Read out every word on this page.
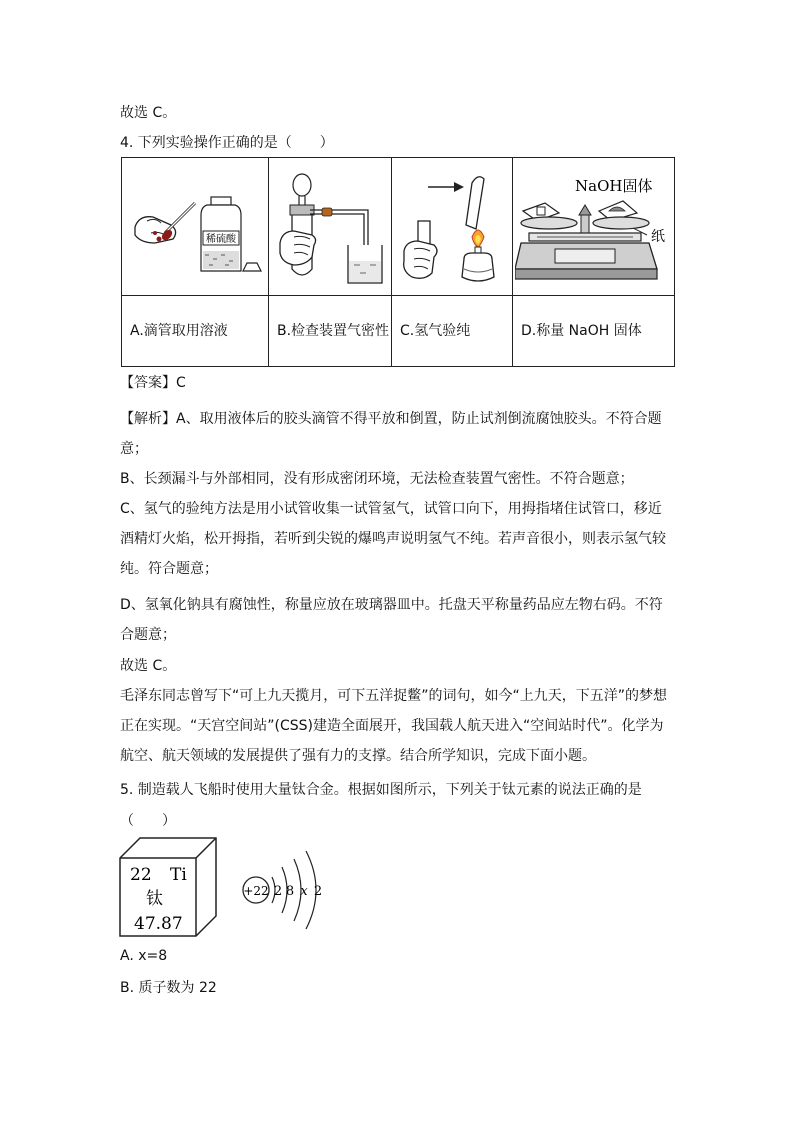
故选 C。
4. 下列实验操作正确的是（　　）
稀硫酸			NaOH固体
纸

A.滴管取用溶液	B.检查装置气密性	C.氢气验纯	D.称量 NaOH 固体
【答案】C
【解析】A、取用液体后的胶头滴管不得平放和倒置，防止试剂倒流腐蚀胶头。不符合题意；
B、长颈漏斗与外部相同，没有形成密闭环境，无法检查装置气密性。不符合题意；
C、氢气的验纯方法是用小试管收集一试管氢气，试管口向下，用拇指堵住试管口，移近酒精灯火焰，松开拇指，若听到尖锐的爆鸣声说明氢气不纯。若声音很小，则表示氢气较纯。符合题意；
D、氢氧化钠具有腐蚀性，称量应放在玻璃器皿中。托盘天平称量药品应左物右码。不符合题意；
故选 C。
毛泽东同志曾写下“可上九天揽月，可下五洋捉鳖”的词句，如今“上九天，下五洋”的梦想正在实现。“天宫空间站”(CSS)建造全面展开，我国载人航天进入“空间站时代”。化学为航空、航天领域的发展提供了强有力的支撑。结合所学知识，完成下面小题。
5. 制造载人飞船时使用大量钛合金。根据如图所示，下列关于钛元素的说法正确的是
（　　）
22 Ti
钛
47.87
+22 2 8 x 2
A. x=8
B. 质子数为 22
